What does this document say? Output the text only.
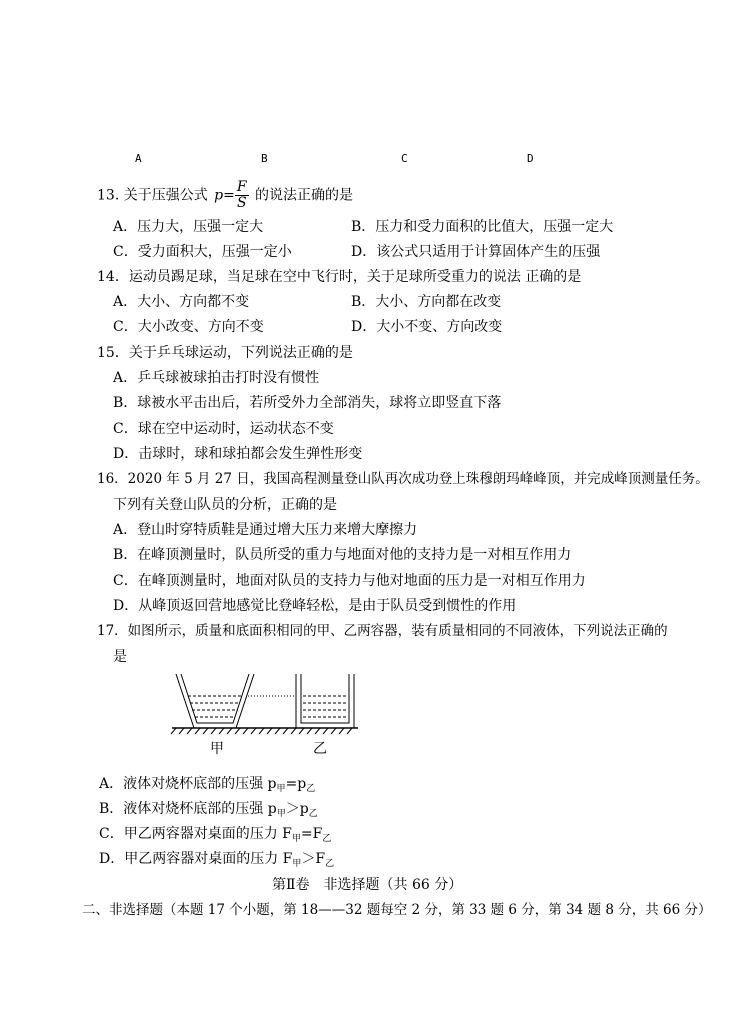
A	B	C	D
13. 关于压强公式 $p= \frac{F}{S}$ 的说法正确的是
A．压力大，压强一定大	B．压力和受力面积的比值大，压强一定大
C．受力面积大，压强一定小	D．该公式只适用于计算固体产生的压强
14．运动员踢足球，当足球在空中飞行时，关于足球所受重力的说法 正确的是
A．大小、方向都不变	B．大小、方向都在改变
C．大小改变、方向不变	D．大小不变、方向改变
15．关于乒乓球运动，下列说法正确的是
A．乒乓球被球拍击打时没有惯性
B．球被水平击出后，若所受外力全部消失，球将立即竖直下落
C．球在空中运动时，运动状态不变
D．击球时，球和球拍都会发生弹性形变
16．2020 年 5 月 27 日，我国高程测量登山队再次成功登上珠穆朗玛峰峰顶，并完成峰顶测量任务。
下列有关登山队员的分析，正确的是
A．登山时穿特质鞋是通过增大压力来增大摩擦力
B．在峰顶测量时，队员所受的重力与地面对他的支持力是一对相互作用力
C．在峰顶测量时，地面对队员的支持力与他对地面的压力是一对相互作用力
D．从峰顶返回营地感觉比登峰轻松，是由于队员受到惯性的作用
17．如图所示，质量和底面积相同的甲、乙两容器，装有质量相同的不同液体，下列说法正确的
是
甲	乙
A．液体对烧杯底部的压强 $p_甲=p_乙$
B．液体对烧杯底部的压强 $p_甲>p_乙$
C．甲乙两容器对桌面的压力 $F_甲=F_乙$
D．甲乙两容器对桌面的压力 $F_甲>F_乙$
第Ⅱ卷　非选择题（共 66 分）
二、非选择题（本题 17 个小题，第 18——32 题每空 2 分，第 33 题 6 分，第 34 题 8 分，共 66 分）
